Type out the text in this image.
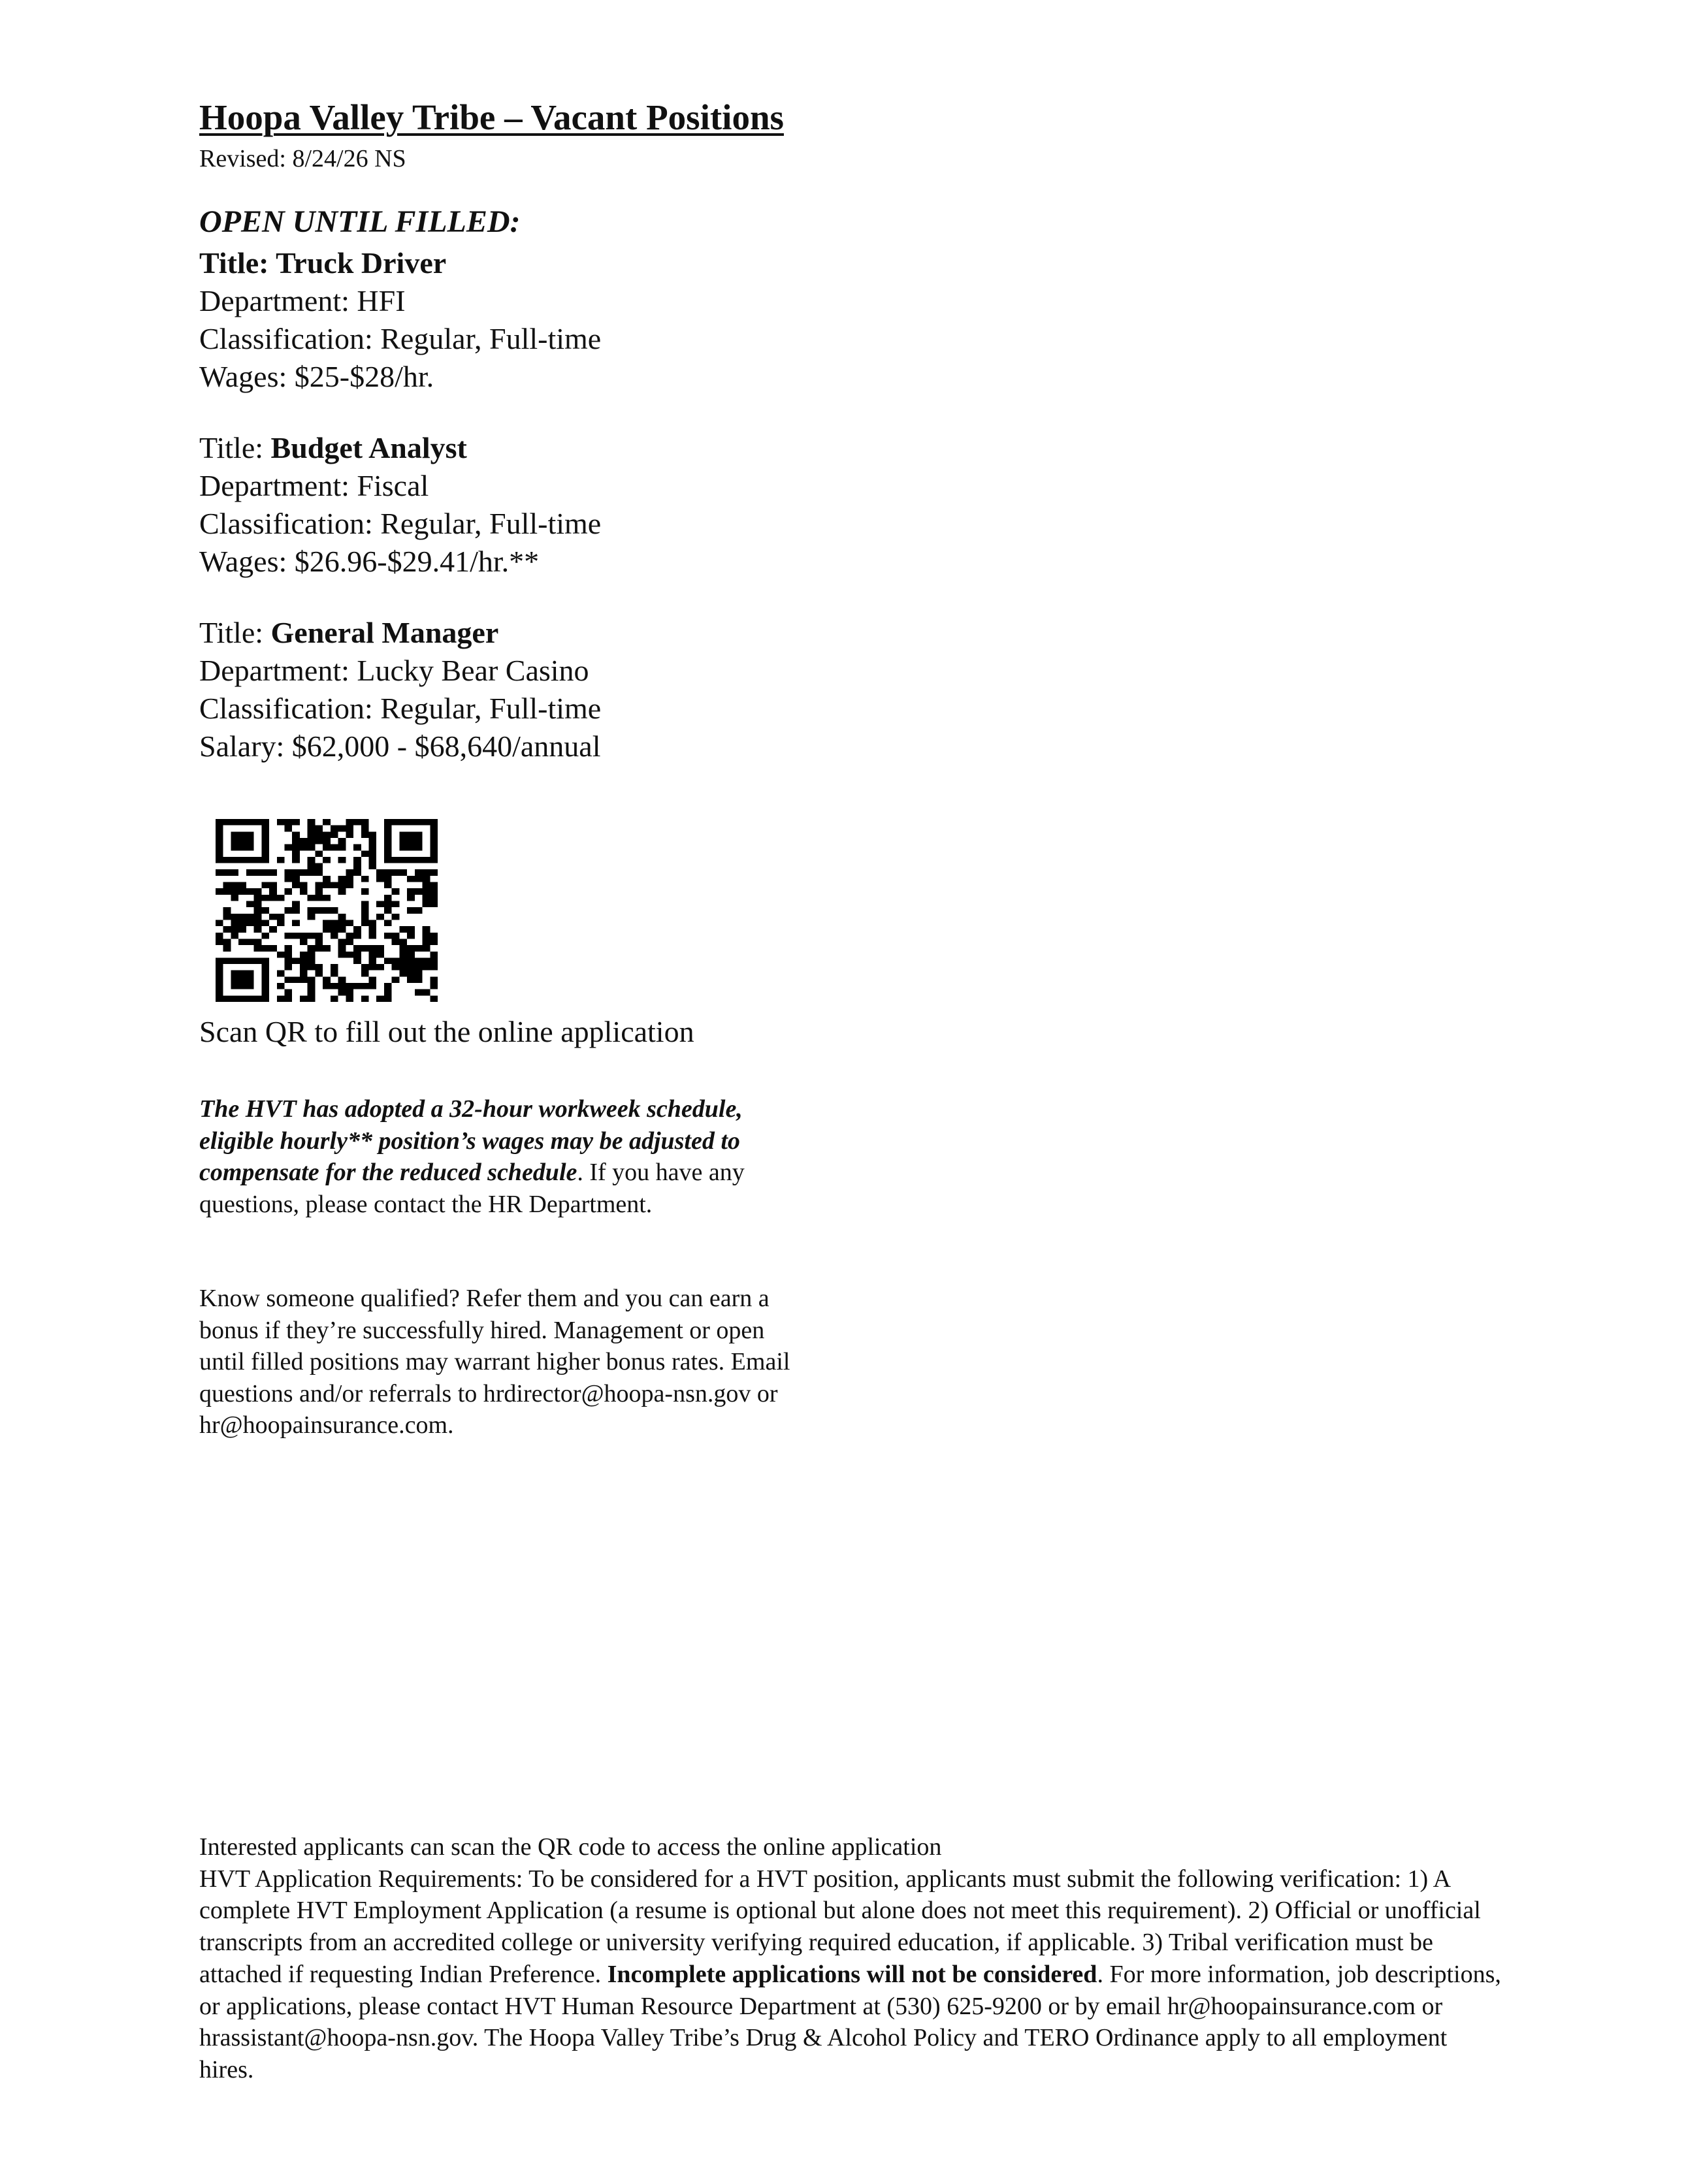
Hoopa Valley Tribe – Vacant Positions
Revised: 8/24/26 NS
OPEN UNTIL FILLED:
Title: Truck Driver
Department: HFI
Classification: Regular, Full-time
Wages: $25-$28/hr.
Title: Budget Analyst
Department: Fiscal
Classification: Regular, Full-time
Wages: $26.96-$29.41/hr.**
Title: General Manager
Department: Lucky Bear Casino
Classification: Regular, Full-time
Salary: $62,000 - $68,640/annual
Scan QR to fill out the online application
The HVT has adopted a 32-hour workweek schedule, eligible hourly** position’s wages may be adjusted to compensate for the reduced schedule. If you have any questions, please contact the HR Department.
Know someone qualified? Refer them and you can earn a bonus if they’re successfully hired. Management or open until filled positions may warrant higher bonus rates. Email questions and/or referrals to hrdirector@hoopa-nsn.gov or hr@hoopainsurance.com.
Interested applicants can scan the QR code to access the online application
HVT Application Requirements: To be considered for a HVT position, applicants must submit the following verification: 1) A complete HVT Employment Application (a resume is optional but alone does not meet this requirement). 2) Official or unofficial transcripts from an accredited college or university verifying required education, if applicable. 3) Tribal verification must be attached if requesting Indian Preference. Incomplete applications will not be considered. For more information, job descriptions, or applications, please contact HVT Human Resource Department at (530) 625-9200 or by email hr@hoopainsurance.com or hrassistant@hoopa-nsn.gov. The Hoopa Valley Tribe’s Drug & Alcohol Policy and TERO Ordinance apply to all employment hires.
